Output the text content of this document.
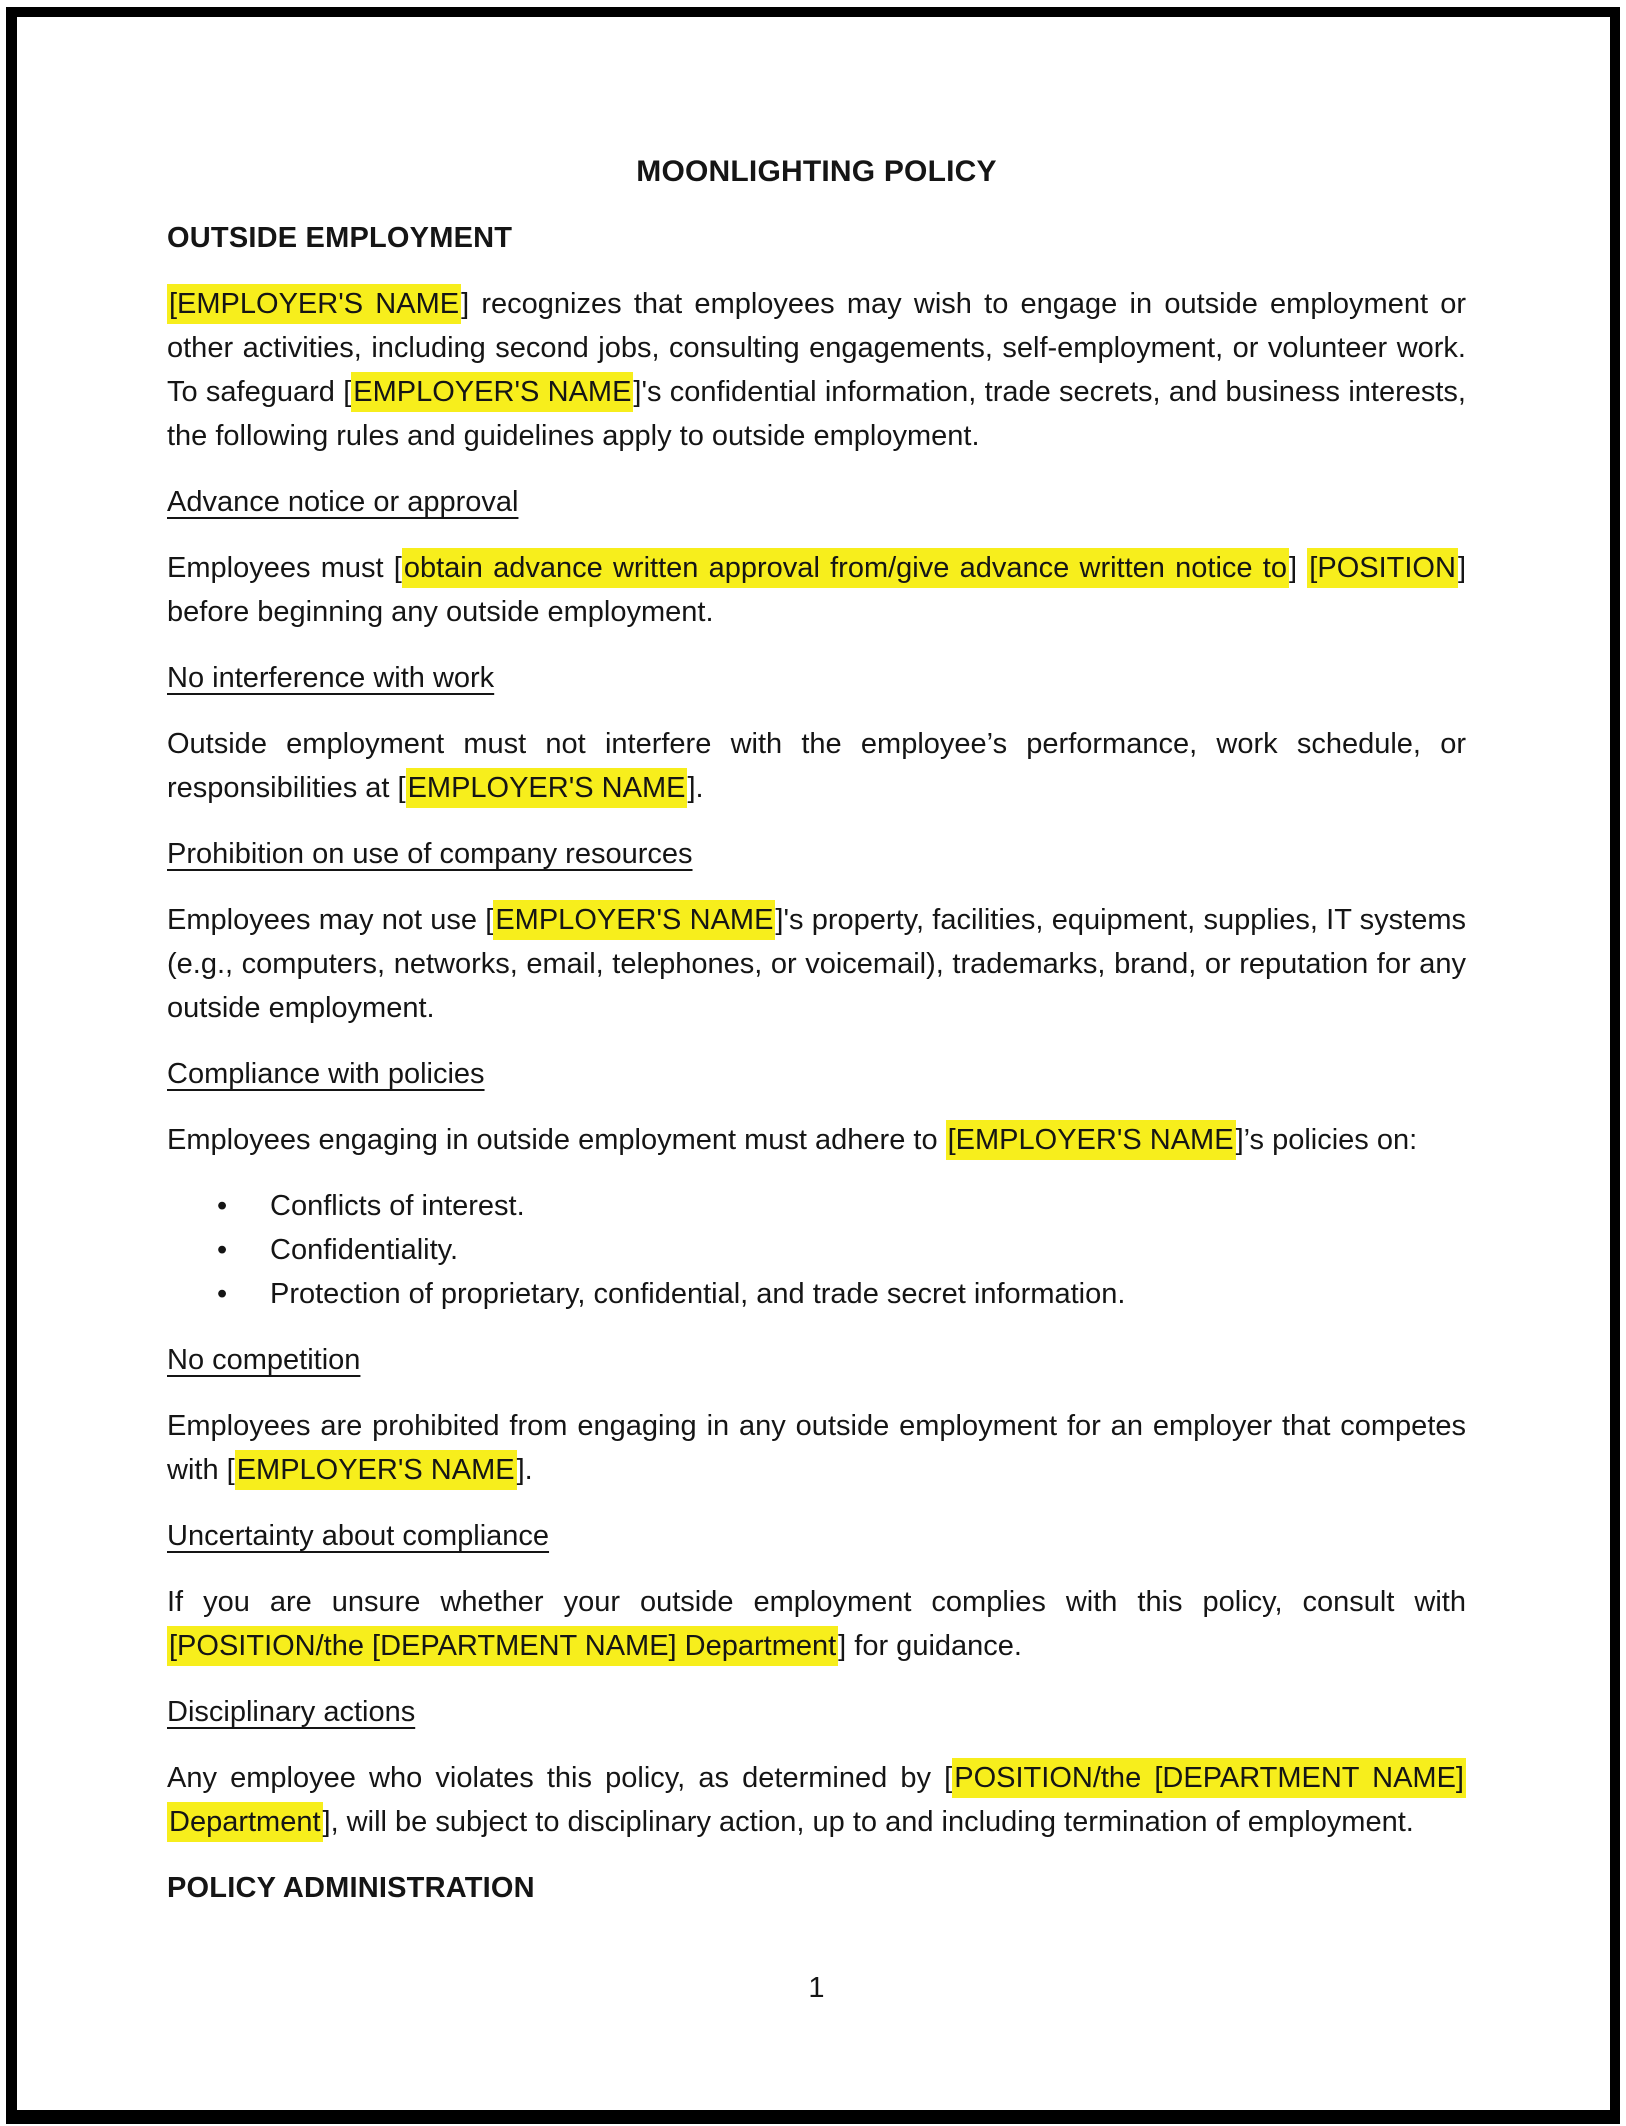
MOONLIGHTING POLICY
OUTSIDE EMPLOYMENT

[EMPLOYER'S NAME] recognizes that employees may wish to engage in outside employment or other activities, including second jobs, consulting engagements, self-employment, or volunteer work. To safeguard [EMPLOYER'S NAME]'s confidential information, trade secrets, and business interests, the following rules and guidelines apply to outside employment.

Advance notice or approval

Employees must [obtain advance written approval from/give advance written notice to] [POSITION] before beginning any outside employment.

No interference with work

Outside employment must not interfere with the employee’s performance, work schedule, or responsibilities at [EMPLOYER'S NAME].

Prohibition on use of company resources

Employees may not use [EMPLOYER'S NAME]'s property, facilities, equipment, supplies, IT systems (e.g., computers, networks, email, telephones, or voicemail), trademarks, brand, or reputation for any outside employment.

Compliance with policies

Employees engaging in outside employment must adhere to [EMPLOYER'S NAME]’s policies on:

• Conflicts of interest.
• Confidentiality.
• Protection of proprietary, confidential, and trade secret information.
No competition

Employees are prohibited from engaging in any outside employment for an employer that competes with [EMPLOYER'S NAME].

Uncertainty about compliance

If you are unsure whether your outside employment complies with this policy, consult with [POSITION/the [DEPARTMENT NAME] Department] for guidance.

Disciplinary actions

Any employee who violates this policy, as determined by [POSITION/the [DEPARTMENT NAME] Department], will be subject to disciplinary action, up to and including termination of employment.

POLICY ADMINISTRATION
1
